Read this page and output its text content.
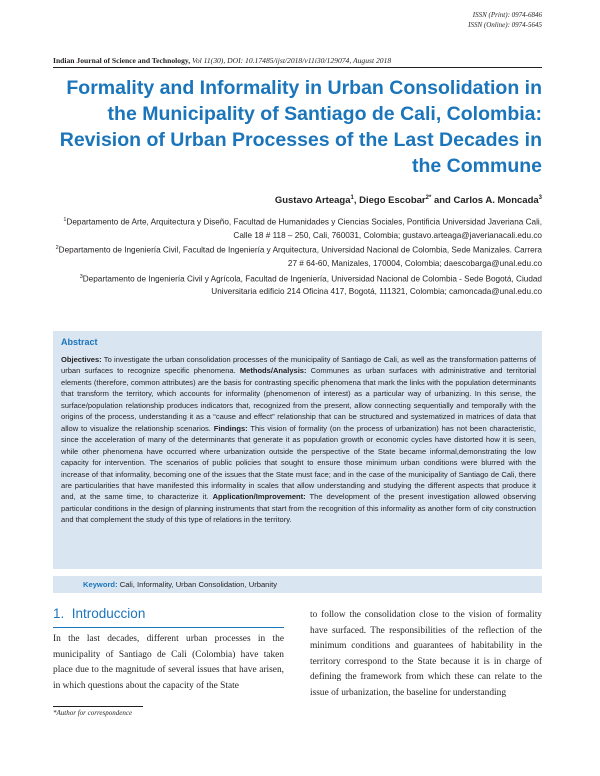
ISSN (Print): 0974-6846
ISSN (Online): 0974-5645
Indian Journal of Science and Technology, Vol 11(30), DOI: 10.17485/ijst/2018/v11i30/129074, August 2018
Formality and Informality in Urban Consolidation in the Municipality of Santiago de Cali, Colombia: Revision of Urban Processes of the Last Decades in the Commune
Gustavo Arteaga$^1$, Diego Escobar$^{2*}$ and Carlos A. Moncada$^3$
$^1$Departamento de Arte, Arquitectura y Diseño, Facultad de Humanidades y Ciencias Sociales, Pontificia Universidad Javeriana Cali, Calle 18 # 118 – 250, Cali, 760031, Colombia; gustavo.arteaga@javerianacali.edu.co
$^2$Departamento de Ingeniería Civil, Facultad de Ingeniería y Arquitectura, Universidad Nacional de Colombia, Sede Manizales. Carrera 27 # 64-60, Manizales, 170004, Colombia; daescobarga@unal.edu.co
$^3$Departamento de Ingeniería Civil y Agrícola, Facultad de Ingeniería, Universidad Nacional de Colombia - Sede Bogotá, Ciudad Universitaria edificio 214 Oficina 417, Bogotá, 111321, Colombia; camoncada@unal.edu.co
Abstract
Objectives: To investigate the urban consolidation processes of the municipality of Santiago de Cali, as well as the transformation patterns of urban surfaces to recognize specific phenomena. Methods/Analysis: Communes as urban surfaces with administrative and territorial elements (therefore, common attributes) are the basis for contrasting specific phenomena that mark the links with the population determinants that transform the territory, which accounts for informality (phenomenon of interest) as a particular way of urbanizing. In this sense, the surface/population relationship produces indicators that, recognized from the present, allow connecting sequentially and temporally with the origins of the process, understanding it as a “cause and effect” relationship that can be structured and systematized in matrices of data that allow to visualize the relationship scenarios. Findings: This vision of formality (on the process of urbanization) has not been characteristic, since the acceleration of many of the determinants that generate it as population growth or economic cycles have distorted how it is seen, while other phenomena have occurred where urbanization outside the perspective of the State became informal,demonstrating the low capacity for intervention. The scenarios of public policies that sought to ensure those minimum urban conditions were blurred with the increase of that informality, becoming one of the issues that the State must face; and in the case of the municipality of Santiago de Cali, there are particularities that have manifested this informality in scales that allow understanding and studying the different aspects that produce it and, at the same time, to characterize it. Application/Improvement: The development of the present investigation allowed observing particular conditions in the design of planning instruments that start from the recognition of this informality as another form of city construction and that complement the study of this type of relations in the territory.
Keyword: Cali, Informality, Urban Consolidation, Urbanity
1. Introduccion
In the last decades, different urban processes in the municipality of Santiago de Cali (Colombia) have taken place due to the magnitude of several issues that have arisen, in which questions about the capacity of the State
to follow the consolidation close to the vision of formality have surfaced. The responsibilities of the reflection of the minimum conditions and guarantees of habitability in the territory correspond to the State because it is in charge of defining the framework from which these can relate to the issue of urbanization, the baseline for understanding
*Author for correspondence
